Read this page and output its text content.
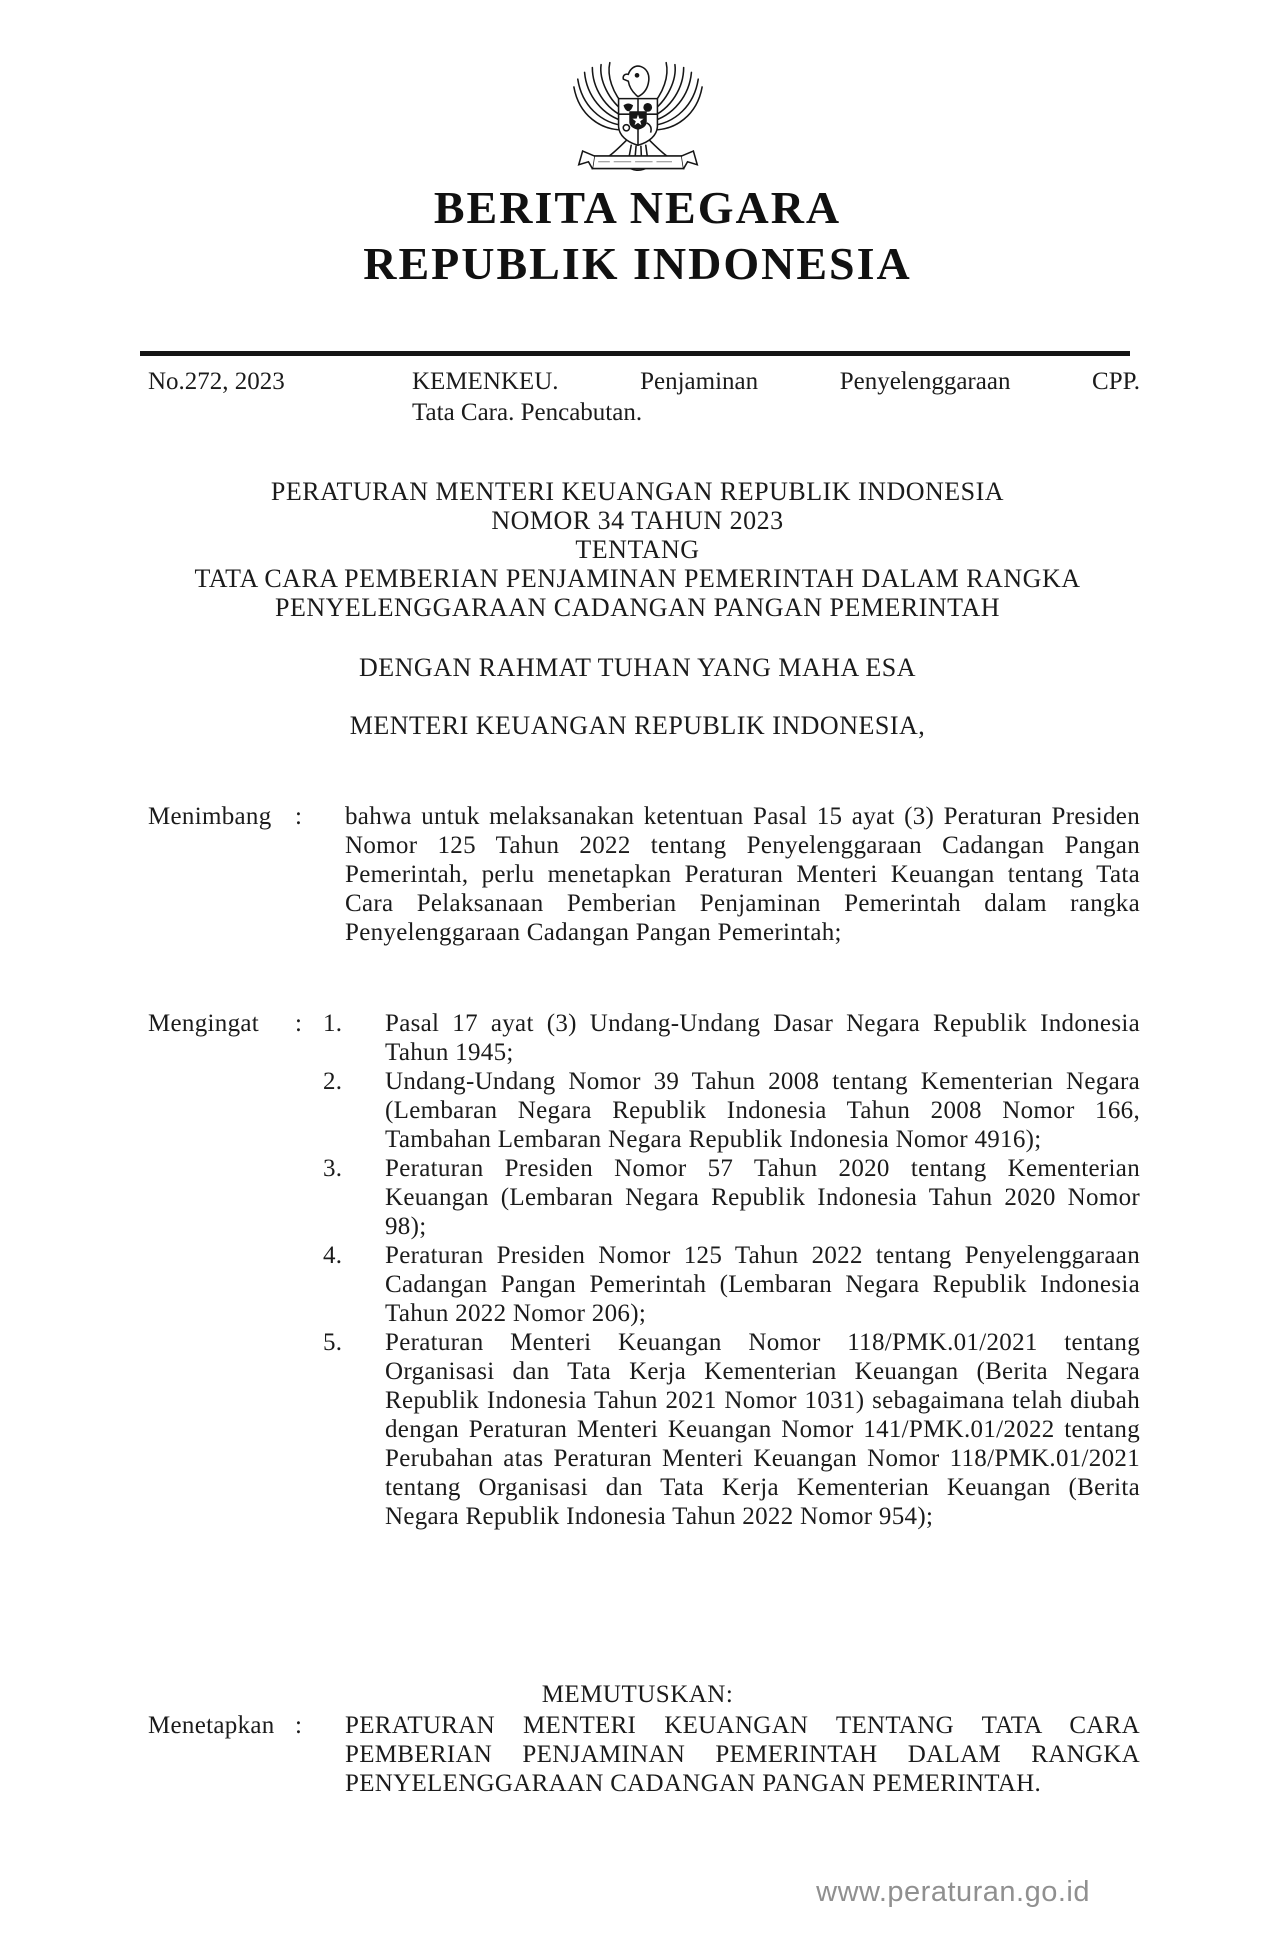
BERITA NEGARA
REPUBLIK INDONESIA
No.272, 2023	KEMENKEU. Penjaminan Penyelenggaraan CPP.
Tata Cara. Pencabutan.
PERATURAN MENTERI KEUANGAN REPUBLIK INDONESIA
NOMOR 34 TAHUN 2023
TENTANG
TATA CARA PEMBERIAN PENJAMINAN PEMERINTAH DALAM RANGKA
PENYELENGGARAAN CADANGAN PANGAN PEMERINTAH
DENGAN RAHMAT TUHAN YANG MAHA ESA
MENTERI KEUANGAN REPUBLIK INDONESIA,
Menimbang : bahwa untuk melaksanakan ketentuan Pasal 15 ayat (3) Peraturan Presiden Nomor 125 Tahun 2022 tentang Penyelenggaraan Cadangan Pangan Pemerintah, perlu menetapkan Peraturan Menteri Keuangan tentang Tata Cara Pelaksanaan Pemberian Penjaminan Pemerintah dalam rangka Penyelenggaraan Cadangan Pangan Pemerintah;
Mengingat : 1. Pasal 17 ayat (3) Undang-Undang Dasar Negara Republik Indonesia Tahun 1945;
2. Undang-Undang Nomor 39 Tahun 2008 tentang Kementerian Negara (Lembaran Negara Republik Indonesia Tahun 2008 Nomor 166, Tambahan Lembaran Negara Republik Indonesia Nomor 4916);
3. Peraturan Presiden Nomor 57 Tahun 2020 tentang Kementerian Keuangan (Lembaran Negara Republik Indonesia Tahun 2020 Nomor 98);
4. Peraturan Presiden Nomor 125 Tahun 2022 tentang Penyelenggaraan Cadangan Pangan Pemerintah (Lembaran Negara Republik Indonesia Tahun 2022 Nomor 206);
5. Peraturan Menteri Keuangan Nomor 118/PMK.01/2021 tentang Organisasi dan Tata Kerja Kementerian Keuangan (Berita Negara Republik Indonesia Tahun 2021 Nomor 1031) sebagaimana telah diubah dengan Peraturan Menteri Keuangan Nomor 141/PMK.01/2022 tentang Perubahan atas Peraturan Menteri Keuangan Nomor 118/PMK.01/2021 tentang Organisasi dan Tata Kerja Kementerian Keuangan (Berita Negara Republik Indonesia Tahun 2022 Nomor 954);
MEMUTUSKAN:
Menetapkan : PERATURAN MENTERI KEUANGAN TENTANG TATA CARA PEMBERIAN PENJAMINAN PEMERINTAH DALAM RANGKA PENYELENGGARAAN CADANGAN PANGAN PEMERINTAH.
www.peraturan.go.id
